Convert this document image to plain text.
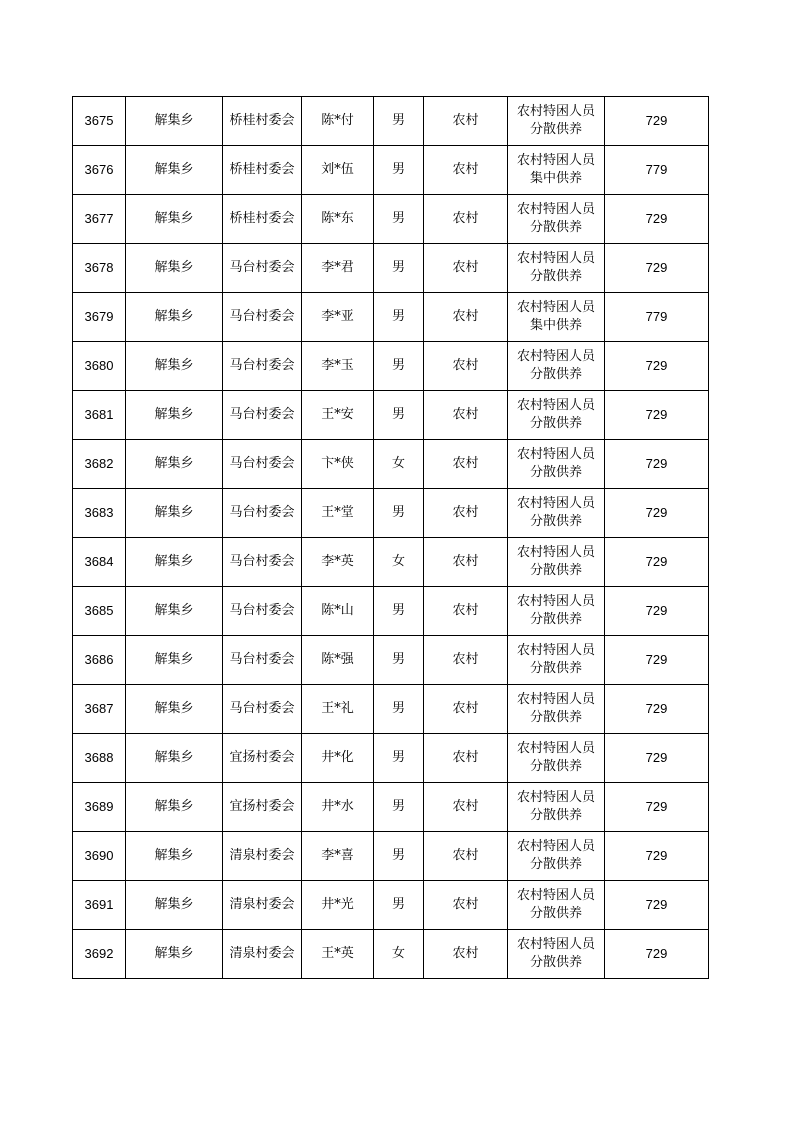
3675	解集乡	桥桂村委会	陈*付	男	农村	农村特困人员分散供养	729
3676	解集乡	桥桂村委会	刘*伍	男	农村	农村特困人员集中供养	779
3677	解集乡	桥桂村委会	陈*东	男	农村	农村特困人员分散供养	729
3678	解集乡	马台村委会	李*君	男	农村	农村特困人员分散供养	729
3679	解集乡	马台村委会	李*亚	男	农村	农村特困人员集中供养	779
3680	解集乡	马台村委会	李*玉	男	农村	农村特困人员分散供养	729
3681	解集乡	马台村委会	王*安	男	农村	农村特困人员分散供养	729
3682	解集乡	马台村委会	卞*侠	女	农村	农村特困人员分散供养	729
3683	解集乡	马台村委会	王*堂	男	农村	农村特困人员分散供养	729
3684	解集乡	马台村委会	李*英	女	农村	农村特困人员分散供养	729
3685	解集乡	马台村委会	陈*山	男	农村	农村特困人员分散供养	729
3686	解集乡	马台村委会	陈*强	男	农村	农村特困人员分散供养	729
3687	解集乡	马台村委会	王*礼	男	农村	农村特困人员分散供养	729
3688	解集乡	宜扬村委会	井*化	男	农村	农村特困人员分散供养	729
3689	解集乡	宜扬村委会	井*水	男	农村	农村特困人员分散供养	729
3690	解集乡	清泉村委会	李*喜	男	农村	农村特困人员分散供养	729
3691	解集乡	清泉村委会	井*光	男	农村	农村特困人员分散供养	729
3692	解集乡	清泉村委会	王*英	女	农村	农村特困人员分散供养	729
